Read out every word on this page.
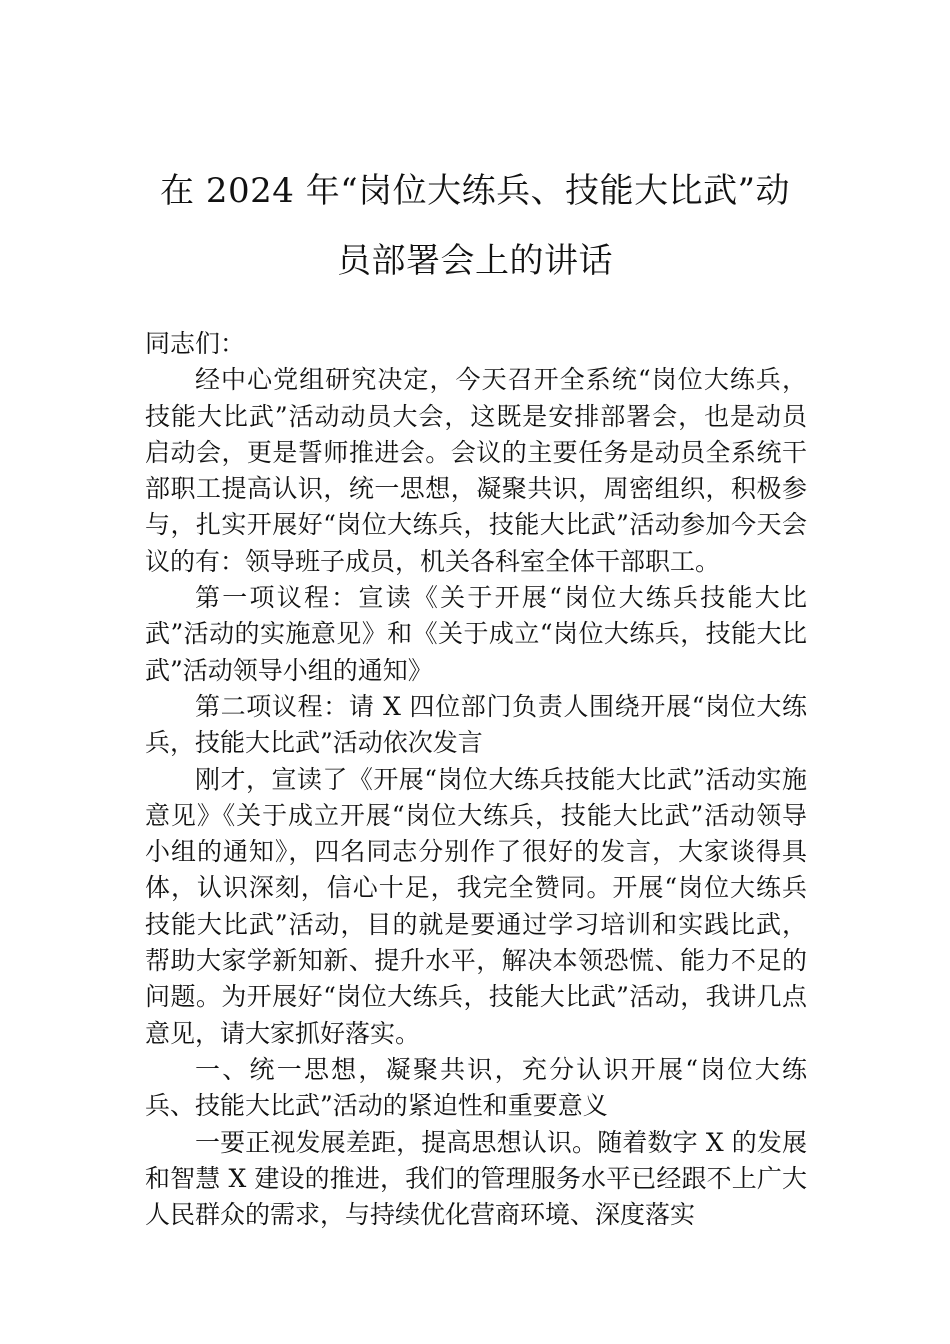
在 2024 年“岗位大练兵、技能大比武”动
员部署会上的讲话

同志们：

经中心党组研究决定，今天召开全系统“岗位大练兵，技能大比武”活动动员大会，这既是安排部署会，也是动员启动会，更是誓师推进会。会议的主要任务是动员全系统干部职工提高认识，统一思想，凝聚共识，周密组织，积极参与，扎实开展好“岗位大练兵，技能大比武”活动参加今天会议的有：领导班子成员，机关各科室全体干部职工。

第一项议程：宣读《关于开展“岗位大练兵技能大比武”活动的实施意见》和《关于成立“岗位大练兵，技能大比武”活动领导小组的通知》

第二项议程：请 X 四位部门负责人围绕开展“岗位大练兵，技能大比武”活动依次发言

刚才，宣读了《开展“岗位大练兵技能大比武”活动实施意见》《关于成立开展“岗位大练兵，技能大比武”活动领导小组的通知》，四名同志分别作了很好的发言，大家谈得具体，认识深刻，信心十足，我完全赞同。开展“岗位大练兵技能大比武”活动，目的就是要通过学习培训和实践比武，帮助大家学新知新、提升水平，解决本领恐慌、能力不足的问题。为开展好“岗位大练兵，技能大比武”活动，我讲几点意见，请大家抓好落实。

一、统一思想，凝聚共识，充分认识开展“岗位大练兵、技能大比武”活动的紧迫性和重要意义

一要正视发展差距，提高思想认识。随着数字 X 的发展和智慧 X 建设的推进，我们的管理服务水平已经跟不上广大人民群众的需求，与持续优化营商环境、深度落实
